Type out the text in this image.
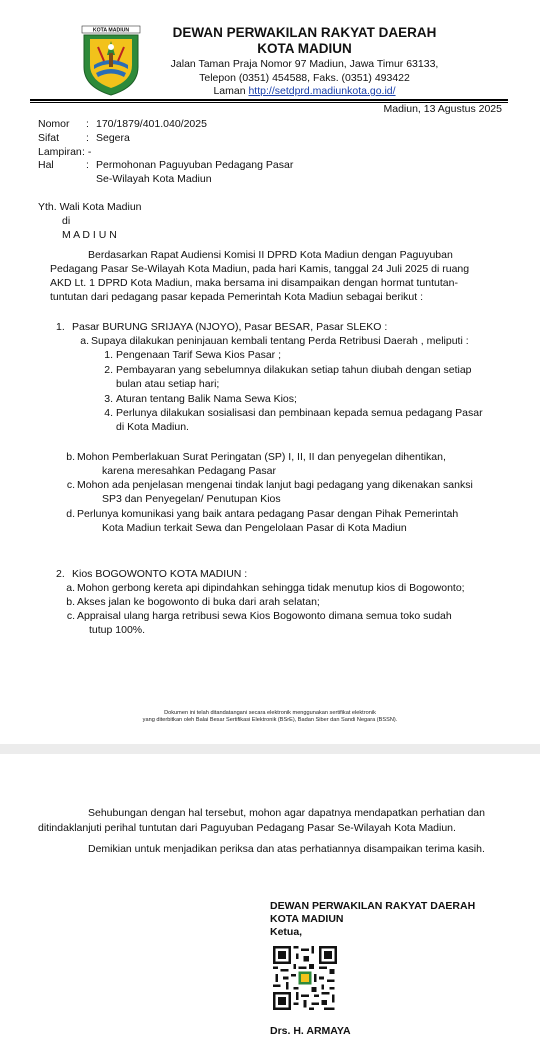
KOTA MADIUN	DEWAN PERWAKILAN RAKYAT DAERAH
KOTA MADIUN
Jalan Taman Praja Nomor 97 Madiun, Jawa Timur 63133,
Telepon (0351) 454588, Faks. (0351) 493422
Laman http://setdprd.madiunkota.go.id/
Madiun, 13 Agustus 2025
Nomor	: 170/1879/401.040/2025
Sifat	: Segera
Lampiran : -
Hal	: Permohonan Paguyuban Pedagang Pasar
Se-Wilayah Kota Madiun
Yth. Wali Kota Madiun
di
M A D I U N
Berdasarkan Rapat Audiensi Komisi II DPRD Kota Madiun dengan Paguyuban
Pedagang Pasar Se-Wilayah Kota Madiun, pada hari Kamis, tanggal 24 Juli 2025 di ruang
AKD Lt. 1 DPRD Kota Madiun, maka bersama ini disampaikan dengan hormat tuntutan-
tuntutan dari pedagang pasar kepada Pemerintah Kota Madiun sebagai berikut :
1. Pasar BURUNG SRIJAYA (NJOYO), Pasar BESAR, Pasar SLEKO :
a. Supaya dilakukan peninjauan kembali tentang Perda Retribusi Daerah , meliputi :
1. Pengenaan Tarif Sewa Kios Pasar ;
2. Pembayaran yang sebelumnya dilakukan setiap tahun diubah dengan setiap
bulan atau setiap hari;
3. Aturan tentang Balik Nama Sewa Kios;
4. Perlunya dilakukan sosialisasi dan pembinaan kepada semua pedagang Pasar
di Kota Madiun.
b. Mohon Pemberlakuan Surat Peringatan (SP) I, II, II dan penyegelan dihentikan,
karena meresahkan Pedagang Pasar
c. Mohon ada penjelasan mengenai tindak lanjut bagi pedagang yang dikenakan sanksi
SP3 dan Penyegelan/ Penutupan Kios
d. Perlunya komunikasi yang baik antara pedagang Pasar dengan Pihak Pemerintah
Kota Madiun terkait Sewa dan Pengelolaan Pasar di Kota Madiun
2. Kios BOGOWONTO KOTA MADIUN :
a. Mohon gerbong kereta api dipindahkan sehingga tidak menutup kios di Bogowonto;
b. Akses jalan ke bogowonto di buka dari arah selatan;
c. Appraisal ulang harga retribusi sewa Kios Bogowonto dimana semua toko sudah
tutup 100%.
Dokumen ini telah ditandatangani secara elektronik menggunakan sertifikat elektronik
yang diterbitkan oleh Balai Besar Sertifikasi Elektronik (BSrE), Badan Siber dan Sandi Negara (BSSN).
Sehubungan dengan hal tersebut, mohon agar dapatnya mendapatkan perhatian dan
ditindaklanjuti perihal tuntutan dari Paguyuban Pedagang Pasar Se-Wilayah Kota Madiun.
Demikian untuk menjadikan periksa dan atas perhatiannya disampaikan terima kasih.
DEWAN PERWAKILAN RAKYAT DAERAH
KOTA MADIUN
Ketua,
Drs. H. ARMAYA
